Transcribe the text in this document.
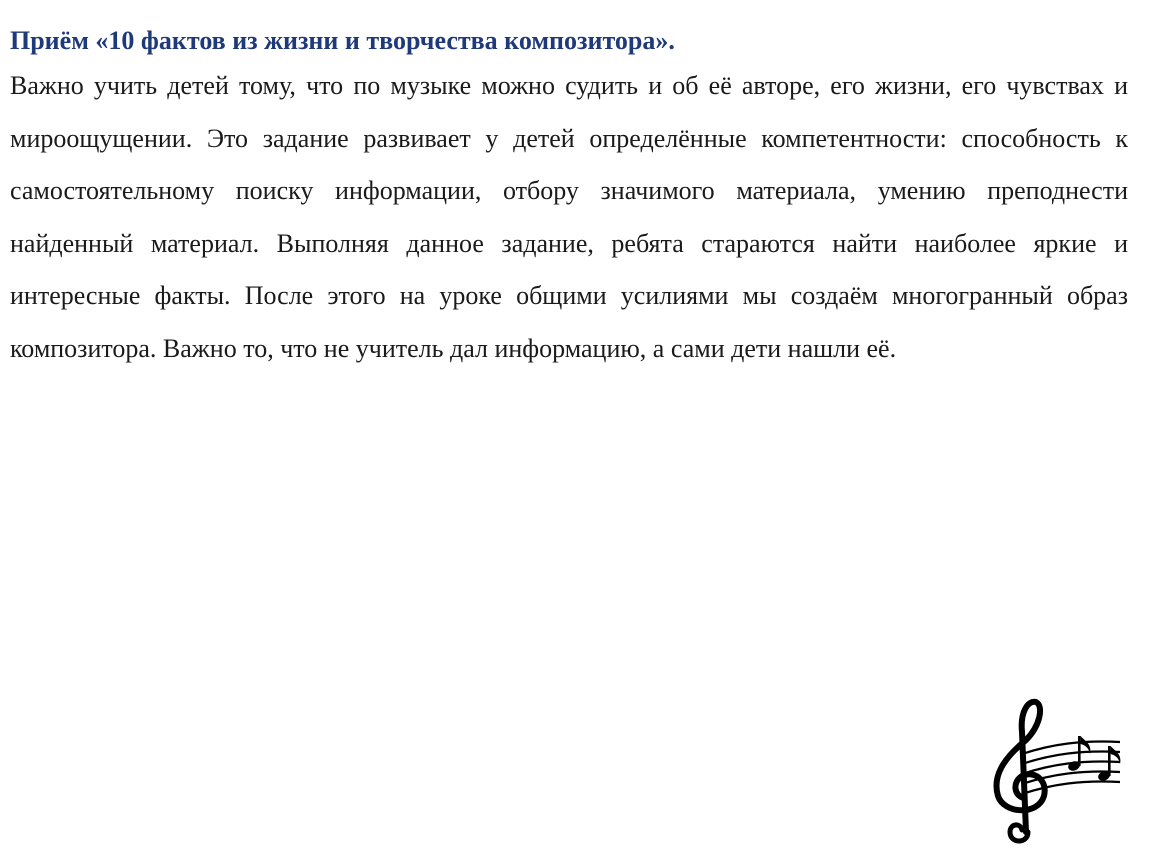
Приём «10 фактов из жизни и творчества композитора».

Важно учить детей тому, что по музыке можно судить и об её авторе, его жизни, его чувствах и мироощущении. Это задание развивает у детей определённые компетентности: способность к самостоятельному поиску информации, отбору значимого материала, умению преподнести найденный материал. Выполняя данное задание, ребята стараются найти наиболее яркие и интересные факты. После этого на уроке общими усилиями мы создаём многогранный образ композитора. Важно то, что не учитель дал информацию, а сами дети нашли её.
